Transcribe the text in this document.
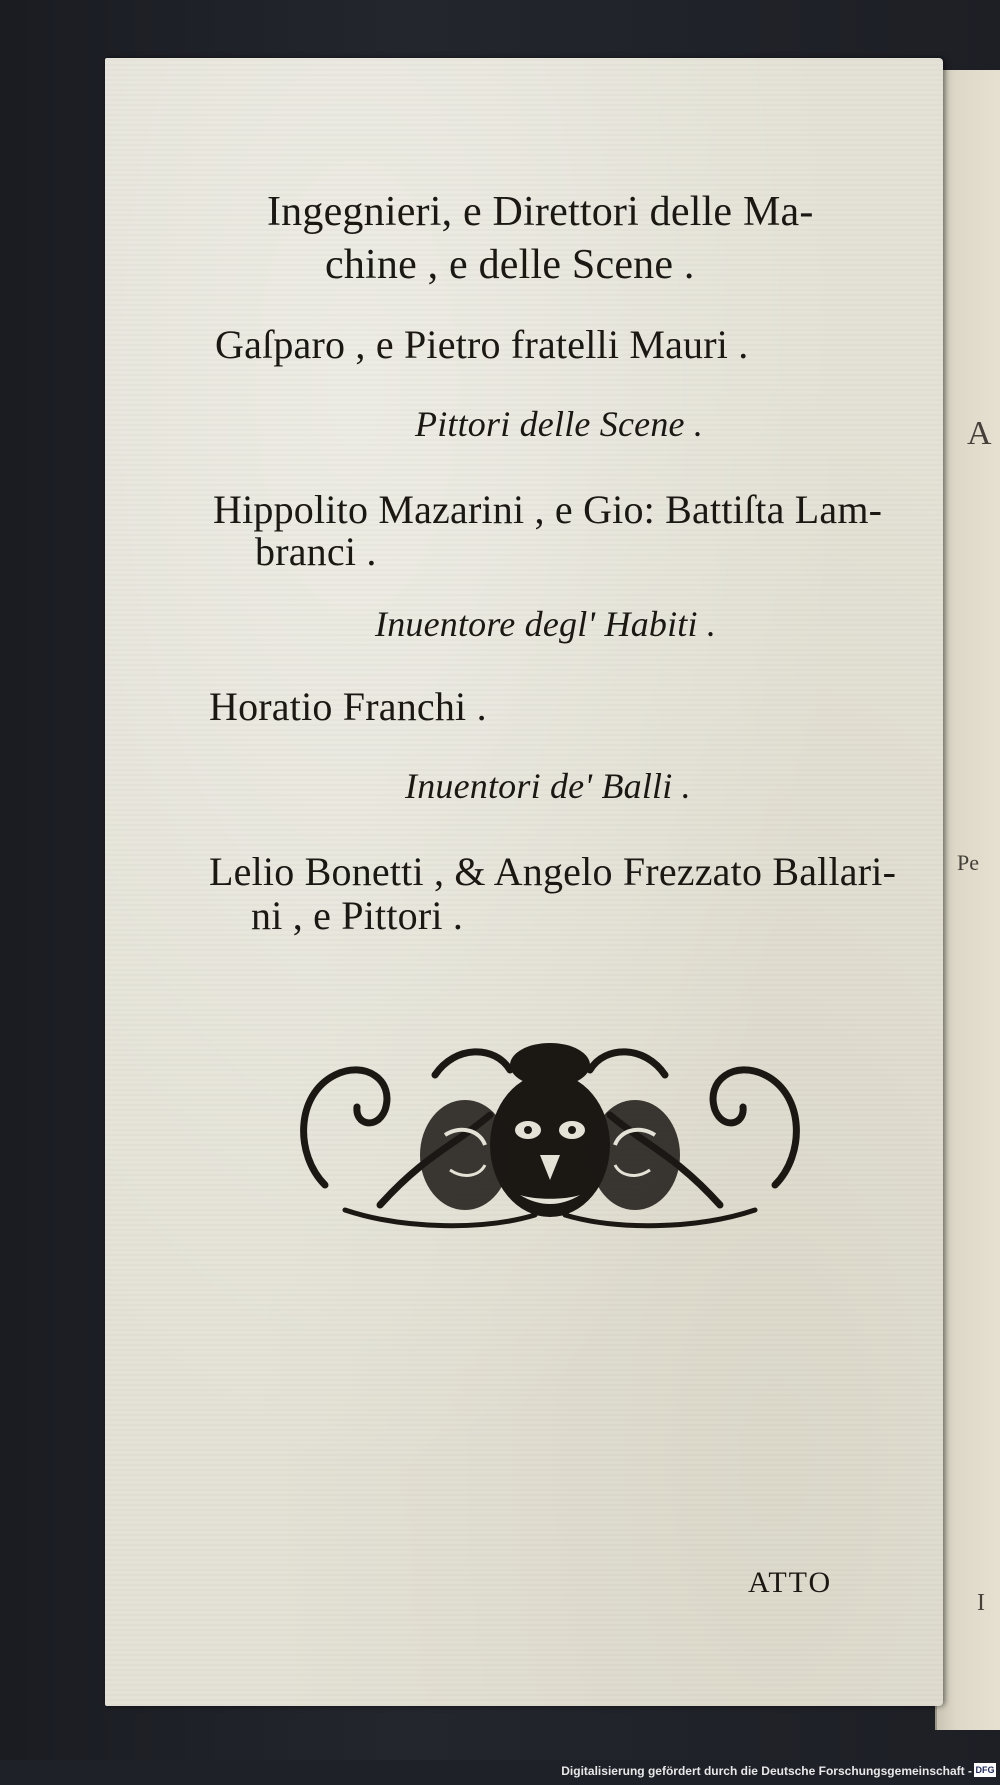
A
Pe
I
Ingegnieri, e Direttori delle Ma-
chine , e delle Scene .
Gaſparo , e Pietro fratelli Mauri .
Pittori delle Scene .
Hippolito Mazarini , e Gio: Battiſta Lam-
branci .
Inuentore degl' Habiti .
Horatio Franchi .
Inuentori de' Balli .
Lelio Bonetti , & Angelo Frezzato Ballari-
ni , e Pittori .
ATTO
Digitalisierung gefördert durch die Deutsche Forschungsgemeinschaft - DFG
